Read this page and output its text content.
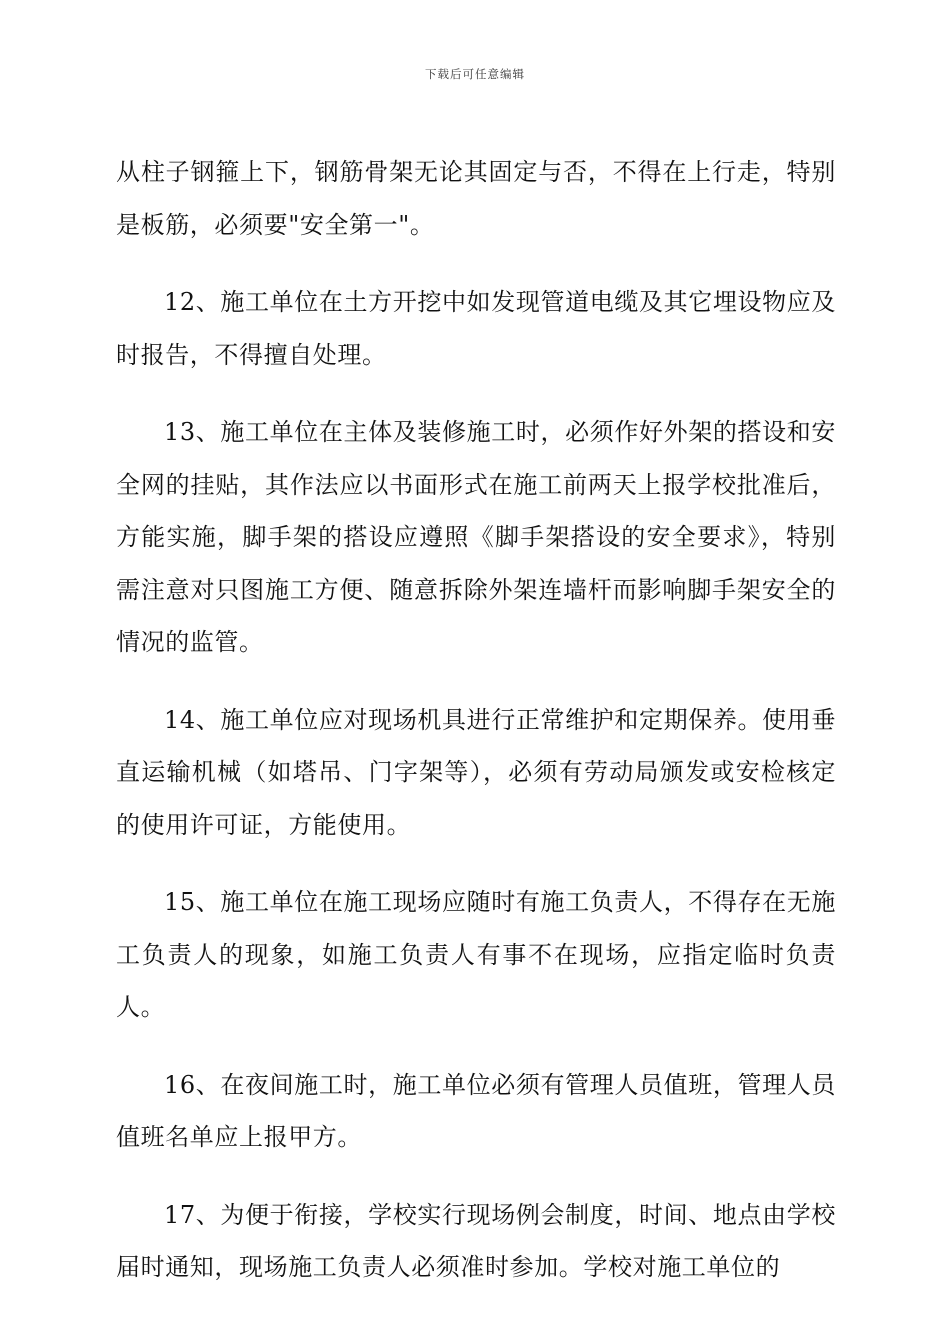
下载后可任意编辑

从柱子钢箍上下，钢筋骨架无论其固定与否，不得在上行走，特别是板筋，必须要"安全第一"。

12、施工单位在土方开挖中如发现管道电缆及其它埋设物应及时报告，不得擅自处理。

13、施工单位在主体及装修施工时，必须作好外架的搭设和安全网的挂贴，其作法应以书面形式在施工前两天上报学校批准后，方能实施，脚手架的搭设应遵照《脚手架搭设的安全要求》，特别需注意对只图施工方便、随意拆除外架连墙杆而影响脚手架安全的情况的监管。

14、施工单位应对现场机具进行正常维护和定期保养。使用垂直运输机械（如塔吊、门字架等），必须有劳动局颁发或安检核定的使用许可证，方能使用。

15、施工单位在施工现场应随时有施工负责人，不得存在无施工负责人的现象，如施工负责人有事不在现场，应指定临时负责人。

16、在夜间施工时，施工单位必须有管理人员值班，管理人员值班名单应上报甲方。

17、为便于衔接，学校实行现场例会制度，时间、地点由学校届时通知，现场施工负责人必须准时参加。学校对施工单位的
